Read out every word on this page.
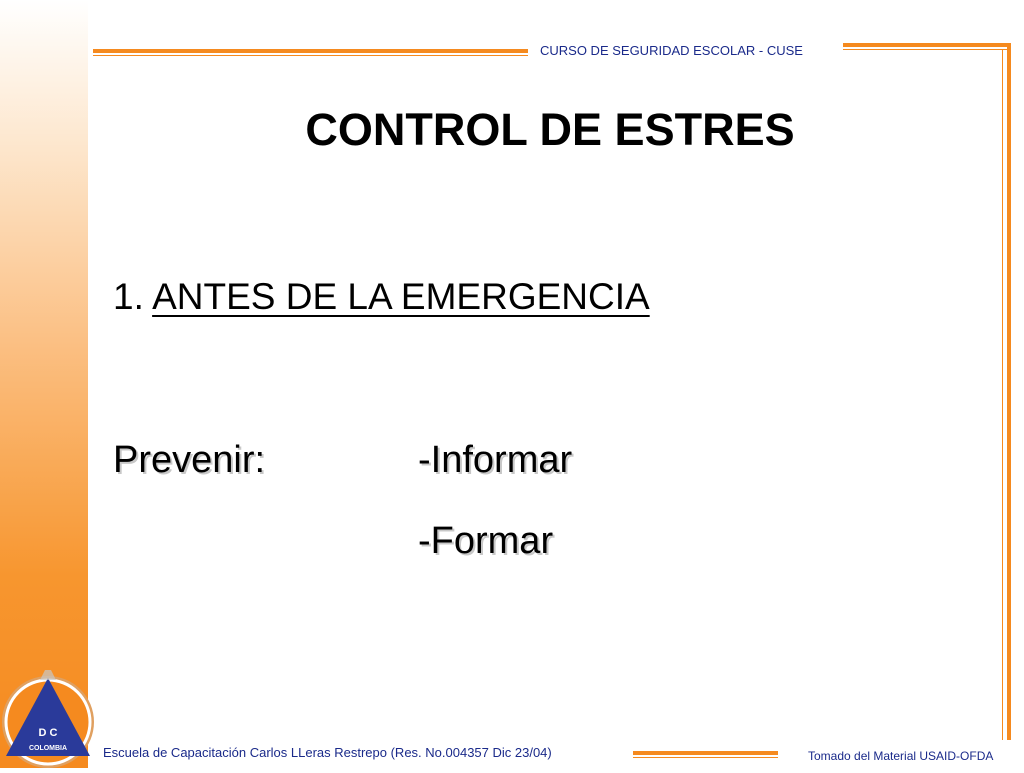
CURSO DE SEGURIDAD ESCOLAR - CUSE
CONTROL DE ESTRES
1. ANTES DE LA EMERGENCIA
Prevenir:	-Informar
-Formar
Escuela de Capacitación Carlos LLeras Restrepo (Res. No.004357 Dic 23/04)	Tomado del Material USAID-OFDA
D C
COLOMBIA
